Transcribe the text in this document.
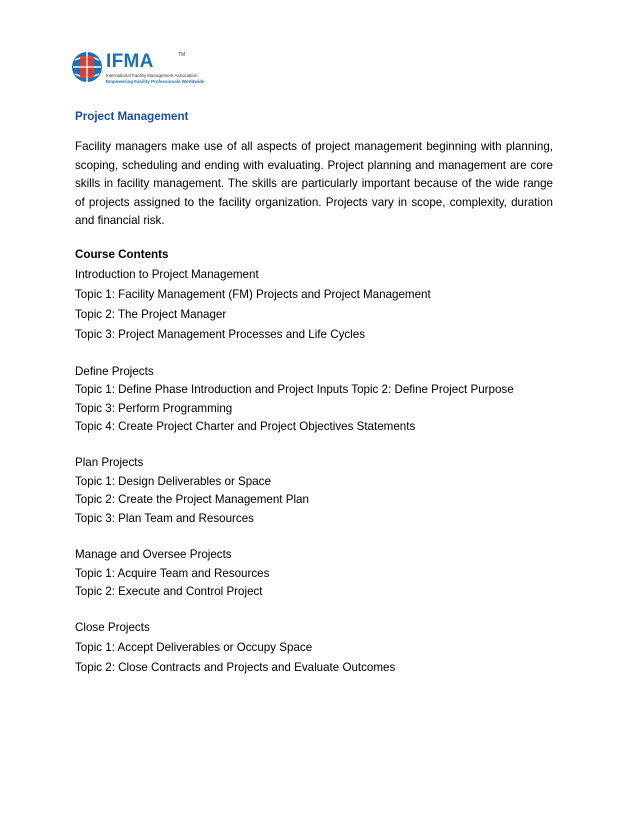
IFMA	TM
International Facility Management Association
Empowering Facility Professionals Worldwide

Project Management

Facility managers make use of all aspects of project management beginning with planning, scoping, scheduling and ending with evaluating. Project planning and management are core skills in facility management. The skills are particularly important because of the wide range of projects assigned to the facility organization. Projects vary in scope, complexity, duration and financial risk.

Course Contents

Introduction to Project Management

Topic 1: Facility Management (FM) Projects and Project Management

Topic 2: The Project Manager

Topic 3: Project Management Processes and Life Cycles

Define Projects

Topic 1: Define Phase Introduction and Project Inputs Topic 2: Define Project Purpose

Topic 3: Perform Programming

Topic 4: Create Project Charter and Project Objectives Statements

Plan Projects

Topic 1: Design Deliverables or Space

Topic 2: Create the Project Management Plan

Topic 3: Plan Team and Resources

Manage and Oversee Projects

Topic 1: Acquire Team and Resources

Topic 2: Execute and Control Project

Close Projects

Topic 1: Accept Deliverables or Occupy Space

Topic 2: Close Contracts and Projects and Evaluate Outcomes
